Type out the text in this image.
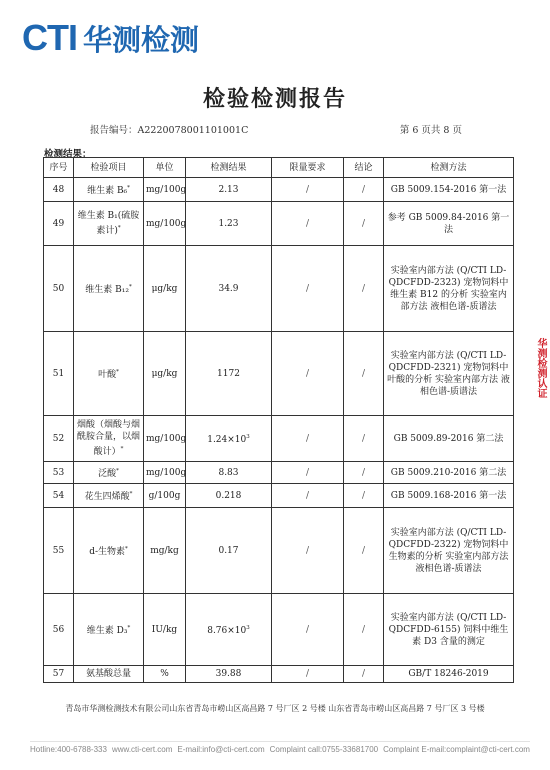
CTI 华测检测
检验检测报告
报告编号：A2220078001101001C	第 6 页共 8 页
检测结果：
序号	检验项目	单位	检测结果	限量要求	结论	检测方法
48	维生素 B₆*	mg/100g	2.13	/	/	GB 5009.154-2016 第一法
49	维生素 B₁(硫胺素计)*	mg/100g	1.23	/	/	参考 GB 5009.84-2016 第一法
50	维生素 B₁₂*	μg/kg	34.9	/	/	实验室内部方法 (Q/CTI LD-QDCFDD-2323) 宠物饲料中维生素 B12 的分析 实验室内部方法 液相色谱-质谱法
51	叶酸*	μg/kg	1172	/	/	实验室内部方法 (Q/CTI LD-QDCFDD-2321) 宠物饲料中叶酸的分析 实验室内部方法 液相色谱-质谱法
52	烟酸（烟酸与烟酰胺合量，以烟酸计）*	mg/100g	$1.24\times 10^3$	/	/	GB 5009.89-2016 第二法
53	泛酸*	mg/100g	8.83	/	/	GB 5009.210-2016 第二法
54	花生四烯酸*	g/100g	0.218	/	/	GB 5009.168-2016 第一法
55	d-生物素*	mg/kg	0.17	/	/	实验室内部方法 (Q/CTI LD-QDCFDD-2322) 宠物饲料中生物素的分析 实验室内部方法 液相色谱-质谱法
56	维生素 D₃*	IU/kg	$8.76\times 10^3$	/	/	实验室内部方法 (Q/CTI LD-QDCFDD-6155) 饲料中维生素 D3 含量的测定
57	氨基酸总量	%	39.88	/	/	GB/T 18246-2019
华测检测认证
青岛市华测检测技术有限公司山东省青岛市崂山区高昌路 7 号厂区 2 号楼 山东省青岛市崂山区高昌路 7 号厂区 3 号楼
Hotline:400-6788-333 www.cti-cert.com E-mail:info@cti-cert.com Complaint call:0755-33681700 Complaint E-mail:complaint@cti-cert.com
